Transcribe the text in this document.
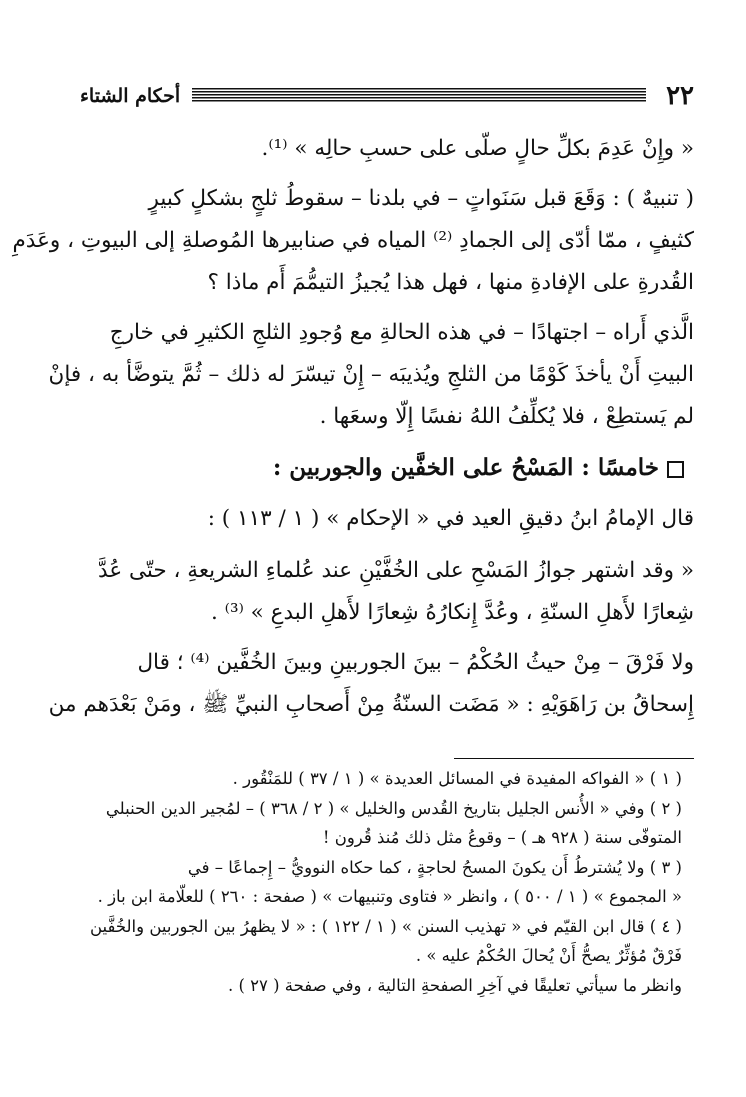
٢٢
أحكام الشتاء

« وإِنْ عَدِمَ بكلِّ حالٍ صلّى على حسبِ حالِه » ⁽¹⁾.

( تنبيهٌ ) : وَقَعَ قبل سَنَواتٍ – في بلدنا – سقوطُ ثلجٍ بشكلٍ كبيرٍ
كثيفٍ ، ممّا أدّى إلى الجمادِ ⁽²⁾ المياه في صنابيرها المُوصلةِ إلى البيوتِ ، وعَدَمِ
القُدرةِ على الإفادةِ منها ، فهل هذا يُجيزُ التيمُّمَ أَم ماذا ؟

الَّذي أَراه – اجتهادًا – في هذه الحالةِ مع وُجودِ الثلجِ الكثيرِ في خارجِ
البيتِ أَنْ يأخذَ كَوْمًا من الثلجِ ويُذيبَه – إِنْ تيسّرَ له ذلك – ثُمَّ يتوضَّأ به ، فإنْ
لم يَستطِعْ ، فلا يُكلِّفُ اللهُ نفسًا إِلّا وسعَها .

خامسًا : المَسْحُ على الخفَّين والجوربين :

قال الإمامُ ابنُ دقيقِ العيد في « الإحكام » ( ١ / ١١٣ ) :

« وقد اشتهر جوازُ المَسْحِ على الخُفَّيْنِ عند عُلماءِ الشريعةِ ، حتّى عُدَّ
شِعارًا لأَهلِ السنّةِ ، وعُدَّ إِنكارُهُ شِعارًا لأَهلِ البدعِ » ⁽³⁾ .

ولا فَرْقَ – مِنْ حيثُ الحُكْمُ – بينَ الجوربينِ وبينَ الخُفَّين ⁽⁴⁾ ؛ قال
إِسحاقُ بن رَاهَوَيْهِ : « مَضَت السنّةُ مِنْ أَصحابِ النبيِّ ﷺ ، ومَنْ بَعْدَهم من

( ١ ) « الفواكه المفيدة في المسائل العديدة » ( ١ / ٣٧ ) للمَنْقُور .

( ٢ ) وفي « الأُنس الجليل بتاريخ القُدس والخليل » ( ٢ / ٣٦٨ ) – لمُجير الدين الحنبلي
المتوفّى سنة ( ٩٢٨ هـ ) – وقوعُ مثل ذلك مُنذ قُرون !

( ٣ ) ولا يُشترطُ أَن يكونَ المسحُ لحاجةٍ ، كما حكاه النوويُّ – إِجماعًا – في
« المجموع » ( ١ / ٥٠٠ ) ، وانظر « فتاوى وتنبيهات » ( صفحة : ٢٦٠ ) للعلّامة ابن باز .

( ٤ ) قال ابن القيّم في « تهذيب السنن » ( ١ / ١٢٢ ) : « لا يظهرُ بين الجوربين والخُفَّين
فَرْقٌ مُؤثِّرٌ يصحُّ أَنْ يُحالَ الحُكْمُ عليه » .
وانظر ما سيأتي تعليقًا في آخِرِ الصفحةِ التالية ، وفي صفحة ( ٢٧ ) .
